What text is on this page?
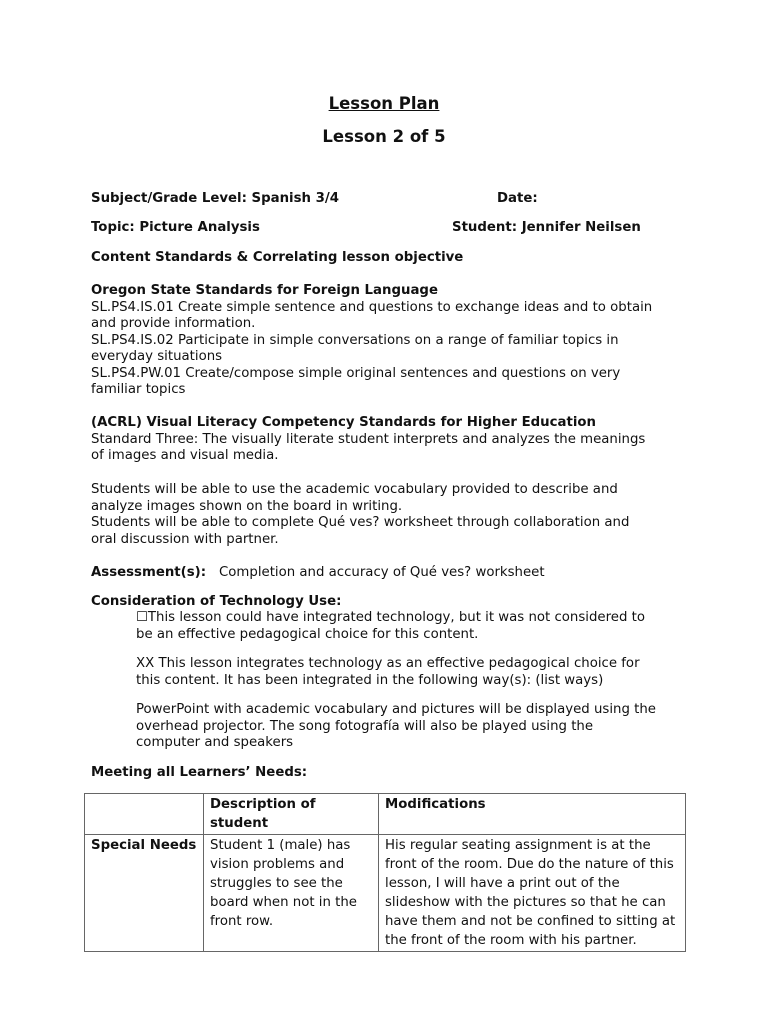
Lesson Plan
Lesson 2 of 5
Subject/Grade Level: Spanish 3/4	Date:
Topic: Picture Analysis	Student: Jennifer Neilsen
Content Standards & Correlating lesson objective
Oregon State Standards for Foreign Language
SL.PS4.IS.01 Create simple sentence and questions to exchange ideas and to obtain
and provide information.
SL.PS4.IS.02 Participate in simple conversations on a range of familiar topics in
everyday situations
SL.PS4.PW.01 Create/compose simple original sentences and questions on very
familiar topics
(ACRL) Visual Literacy Competency Standards for Higher Education
Standard Three: The visually literate student interprets and analyzes the meanings
of images and visual media.
Students will be able to use the academic vocabulary provided to describe and
analyze images shown on the board in writing.
Students will be able to complete Qué ves? worksheet through collaboration and
oral discussion with partner.
Assessment(s): Completion and accuracy of Qué ves? worksheet
Consideration of Technology Use:
☐This lesson could have integrated technology, but it was not considered to
be an effective pedagogical choice for this content.
XX This lesson integrates technology as an effective pedagogical choice for
this content. It has been integrated in the following way(s): (list ways)
PowerPoint with academic vocabulary and pictures will be displayed using the
overhead projector. The song fotografía will also be played using the
computer and speakers
Meeting all Learners’ Needs:
	Description of student	Modifications
Special Needs	Student 1 (male) has vision problems and struggles to see the board when not in the front row.	His regular seating assignment is at the front of the room. Due do the nature of this lesson, I will have a print out of the slideshow with the pictures so that he can have them and not be confined to sitting at the front of the room with his partner.
